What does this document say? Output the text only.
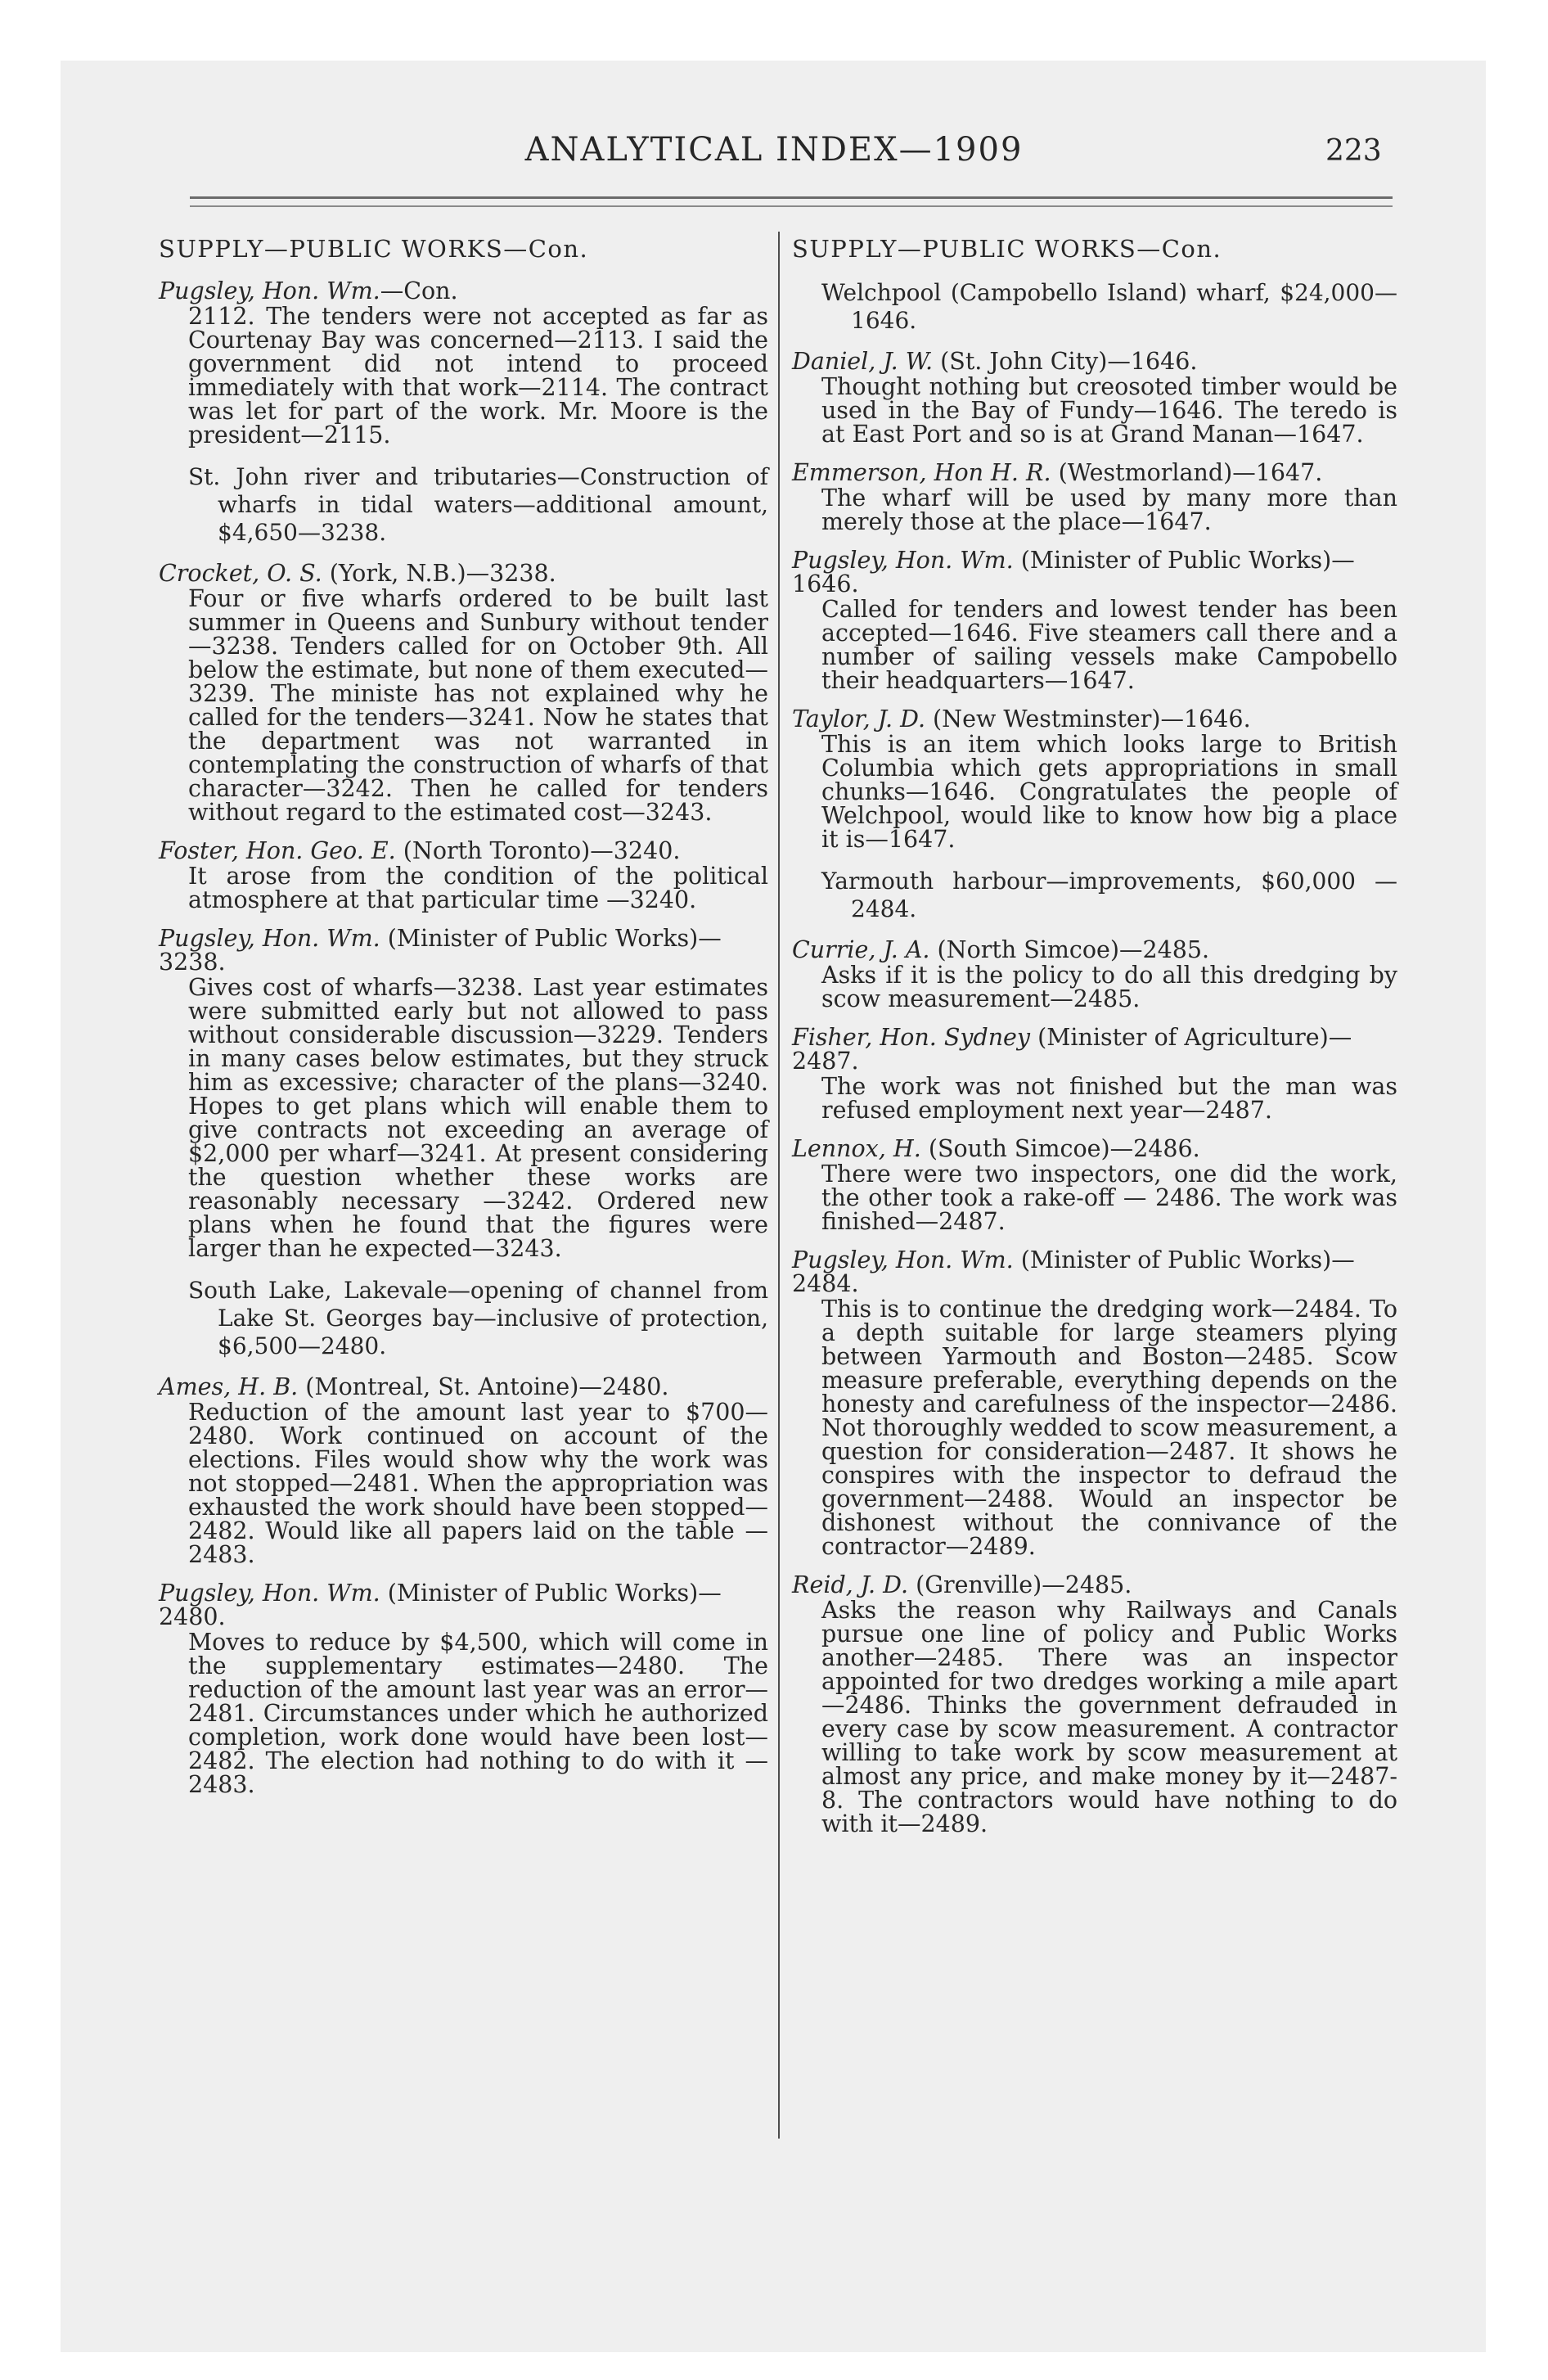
ANALYTICAL INDEX—1909	223
SUPPLY—PUBLIC WORKS—Con.
Pugsley, Hon. Wm.—Con.
2112. The tenders were not accepted as far as Courtenay Bay was concerned—2113. I said the government did not intend to proceed immediately with that work—2114. The contract was let for part of the work. Mr. Moore is the president—2115.
St. John river and tributaries—Construction of wharfs in tidal waters—additional amount, $4,650—3238.
Crocket, O. S. (York, N.B.)—3238.
Four or five wharfs ordered to be built last summer in Queens and Sunbury without tender—3238. Tenders called for on October 9th. All below the estimate, but none of them executed—3239. The ministe has not explained why he called for the tenders—3241. Now he states that the department was not warranted in contemplating the construction of wharfs of that character—3242. Then he called for tenders without regard to the estimated cost—3243.
Foster, Hon. Geo. E. (North Toronto)—3240.
It arose from the condition of the political atmosphere at that particular time —3240.
Pugsley, Hon. Wm. (Minister of Public Works)—3238.
Gives cost of wharfs—3238. Last year estimates were submitted early but not allowed to pass without considerable discussion—3229. Tenders in many cases below estimates, but they struck him as excessive; character of the plans—3240. Hopes to get plans which will enable them to give contracts not exceeding an average of $2,000 per wharf—3241. At present considering the question whether these works are reasonably necessary —3242. Ordered new plans when he found that the figures were larger than he expected—3243.
South Lake, Lakevale—opening of channel from Lake St. Georges bay—inclusive of protection, $6,500—2480.
Ames, H. B. (Montreal, St. Antoine)—2480.
Reduction of the amount last year to $700—2480. Work continued on account of the elections. Files would show why the work was not stopped—2481. When the appropriation was exhausted the work should have been stopped—2482. Would like all papers laid on the table —2483.
Pugsley, Hon. Wm. (Minister of Public Works)—2480.
Moves to reduce by $4,500, which will come in the supplementary estimates—2480. The reduction of the amount last year was an error—2481. Circumstances under which he authorized completion, work done would have been lost—2482. The election had nothing to do with it —2483.
SUPPLY—PUBLIC WORKS—Con.
Welchpool (Campobello Island) wharf, $24,000—1646.
Daniel, J. W. (St. John City)—1646.
Thought nothing but creosoted timber would be used in the Bay of Fundy—1646. The teredo is at East Port and so is at Grand Manan—1647.
Emmerson, Hon H. R. (Westmorland)—1647.
The wharf will be used by many more than merely those at the place—1647.
Pugsley, Hon. Wm. (Minister of Public Works)—1646.
Called for tenders and lowest tender has been accepted—1646. Five steamers call there and a number of sailing vessels make Campobello their headquarters—1647.
Taylor, J. D. (New Westminster)—1646.
This is an item which looks large to British Columbia which gets appropriations in small chunks—1646. Congratulates the people of Welchpool, would like to know how big a place it is—1647.
Yarmouth harbour—improvements, $60,000 —2484.
Currie, J. A. (North Simcoe)—2485.
Asks if it is the policy to do all this dredging by scow measurement—2485.
Fisher, Hon. Sydney (Minister of Agriculture)—2487.
The work was not finished but the man was refused employment next year—2487.
Lennox, H. (South Simcoe)—2486.
There were two inspectors, one did the work, the other took a rake-off — 2486. The work was finished—2487.
Pugsley, Hon. Wm. (Minister of Public Works)—2484.
This is to continue the dredging work—2484. To a depth suitable for large steamers plying between Yarmouth and Boston—2485. Scow measure preferable, everything depends on the honesty and carefulness of the inspector—2486. Not thoroughly wedded to scow measurement, a question for consideration—2487. It shows he conspires with the inspector to defraud the government—2488. Would an inspector be dishonest without the connivance of the contractor—2489.
Reid, J. D. (Grenville)—2485.
Asks the reason why Railways and Canals pursue one line of policy and Public Works another—2485. There was an inspector appointed for two dredges working a mile apart—2486. Thinks the government defrauded in every case by scow measurement. A contractor willing to take work by scow measurement at almost any price, and make money by it—2487-8. The contractors would have nothing to do with it—2489.
